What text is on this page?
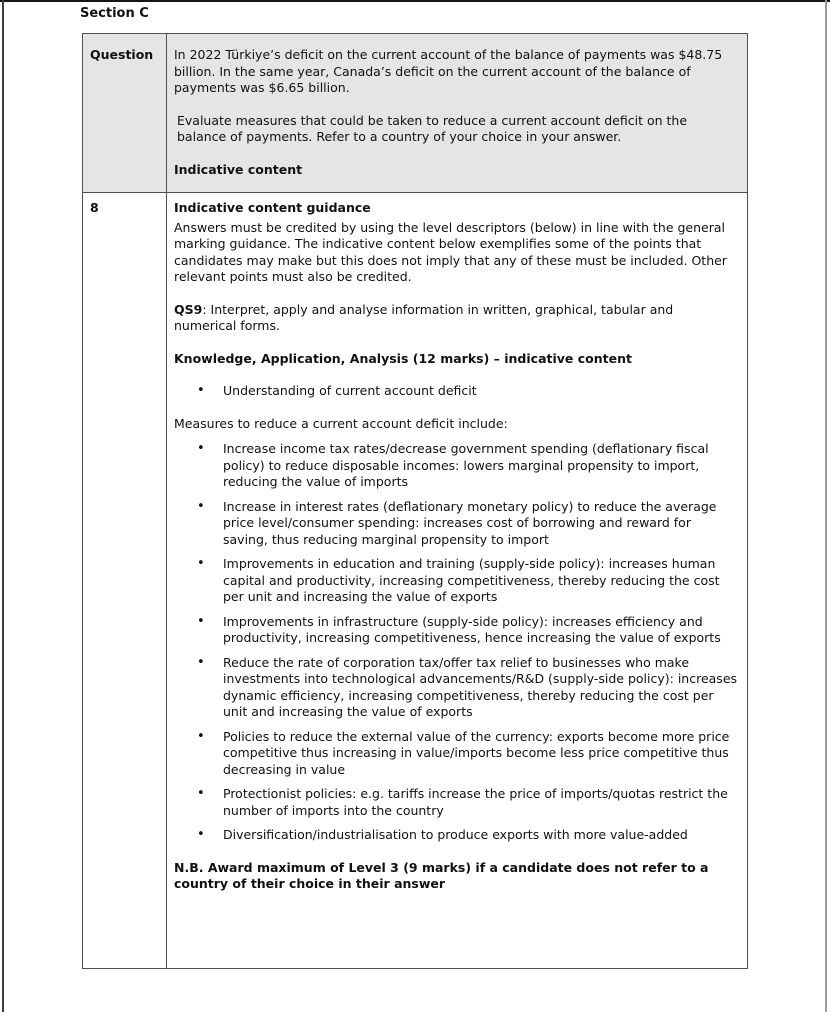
Section C
Question	In 2022 Türkiye’s deficit on the current account of the balance of payments was $48.75 billion. In the same year, Canada’s deficit on the current account of the balance of payments was $6.65 billion.

Evaluate measures that could be taken to reduce a current account deficit on the balance of payments. Refer to a country of your choice in your answer.

Indicative content

8	Indicative content guidance

Answers must be credited by using the level descriptors (below) in line with the general marking guidance. The indicative content below exemplifies some of the points that candidates may make but this does not imply that any of these must be included. Other relevant points must also be credited.

QS9: Interpret, apply and analyse information in written, graphical, tabular and numerical forms.

Knowledge, Application, Analysis (12 marks) – indicative content

• Understanding of current account deficit

Measures to reduce a current account deficit include:

• Increase income tax rates/decrease government spending (deflationary fiscal policy) to reduce disposable incomes: lowers marginal propensity to import, reducing the value of imports
• Increase in interest rates (deflationary monetary policy) to reduce the average price level/consumer spending: increases cost of borrowing and reward for saving, thus reducing marginal propensity to import
• Improvements in education and training (supply-side policy): increases human capital and productivity, increasing competitiveness, thereby reducing the cost per unit and increasing the value of exports
• Improvements in infrastructure (supply-side policy): increases efficiency and productivity, increasing competitiveness, hence increasing the value of exports
• Reduce the rate of corporation tax/offer tax relief to businesses who make investments into technological advancements/R&D (supply-side policy): increases dynamic efficiency, increasing competitiveness, thereby reducing the cost per unit and increasing the value of exports
• Policies to reduce the external value of the currency: exports become more price competitive thus increasing in value/imports become less price competitive thus decreasing in value
• Protectionist policies: e.g. tariffs increase the price of imports/quotas restrict the number of imports into the country
• Diversification/industrialisation to produce exports with more value-added

N.B. Award maximum of Level 3 (9 marks) if a candidate does not refer to a country of their choice in their answer
